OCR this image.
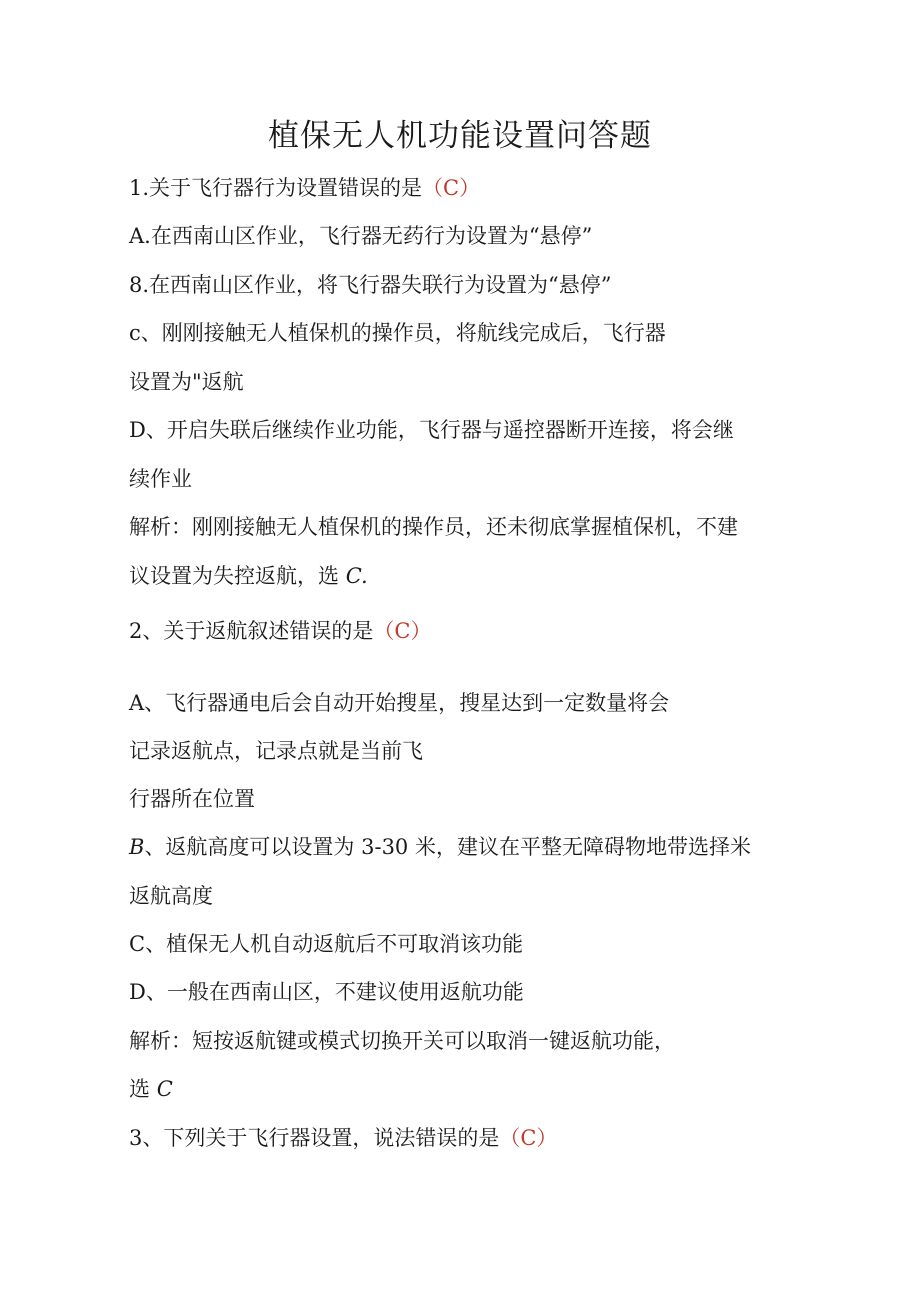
植保无人机功能设置问答题
1.关于飞行器行为设置错误的是（C）
A.在西南山区作业，飞行器无药行为设置为“悬停”
8.在西南山区作业，将飞行器失联行为设置为“悬停”
c、刚刚接触无人植保机的操作员，将航线完成后，飞行器
设置为"返航
D、开启失联后继续作业功能，飞行器与遥控器断开连接，将会继
续作业
解析：刚刚接触无人植保机的操作员，还未彻底掌握植保机，不建
议设置为失控返航，选 C.
2、关于返航叙述错误的是（C）
A、飞行器通电后会自动开始搜星，搜星达到一定数量将会
记录返航点，记录点就是当前飞
行器所在位置
B、返航高度可以设置为 3-30 米，建议在平整无障碍物地带选择米
返航高度
C、植保无人机自动返航后不可取消该功能
D、一般在西南山区，不建议使用返航功能
解析：短按返航键或模式切换开关可以取消一键返航功能，
选 C
3、下列关于飞行器设置，说法错误的是（C）
